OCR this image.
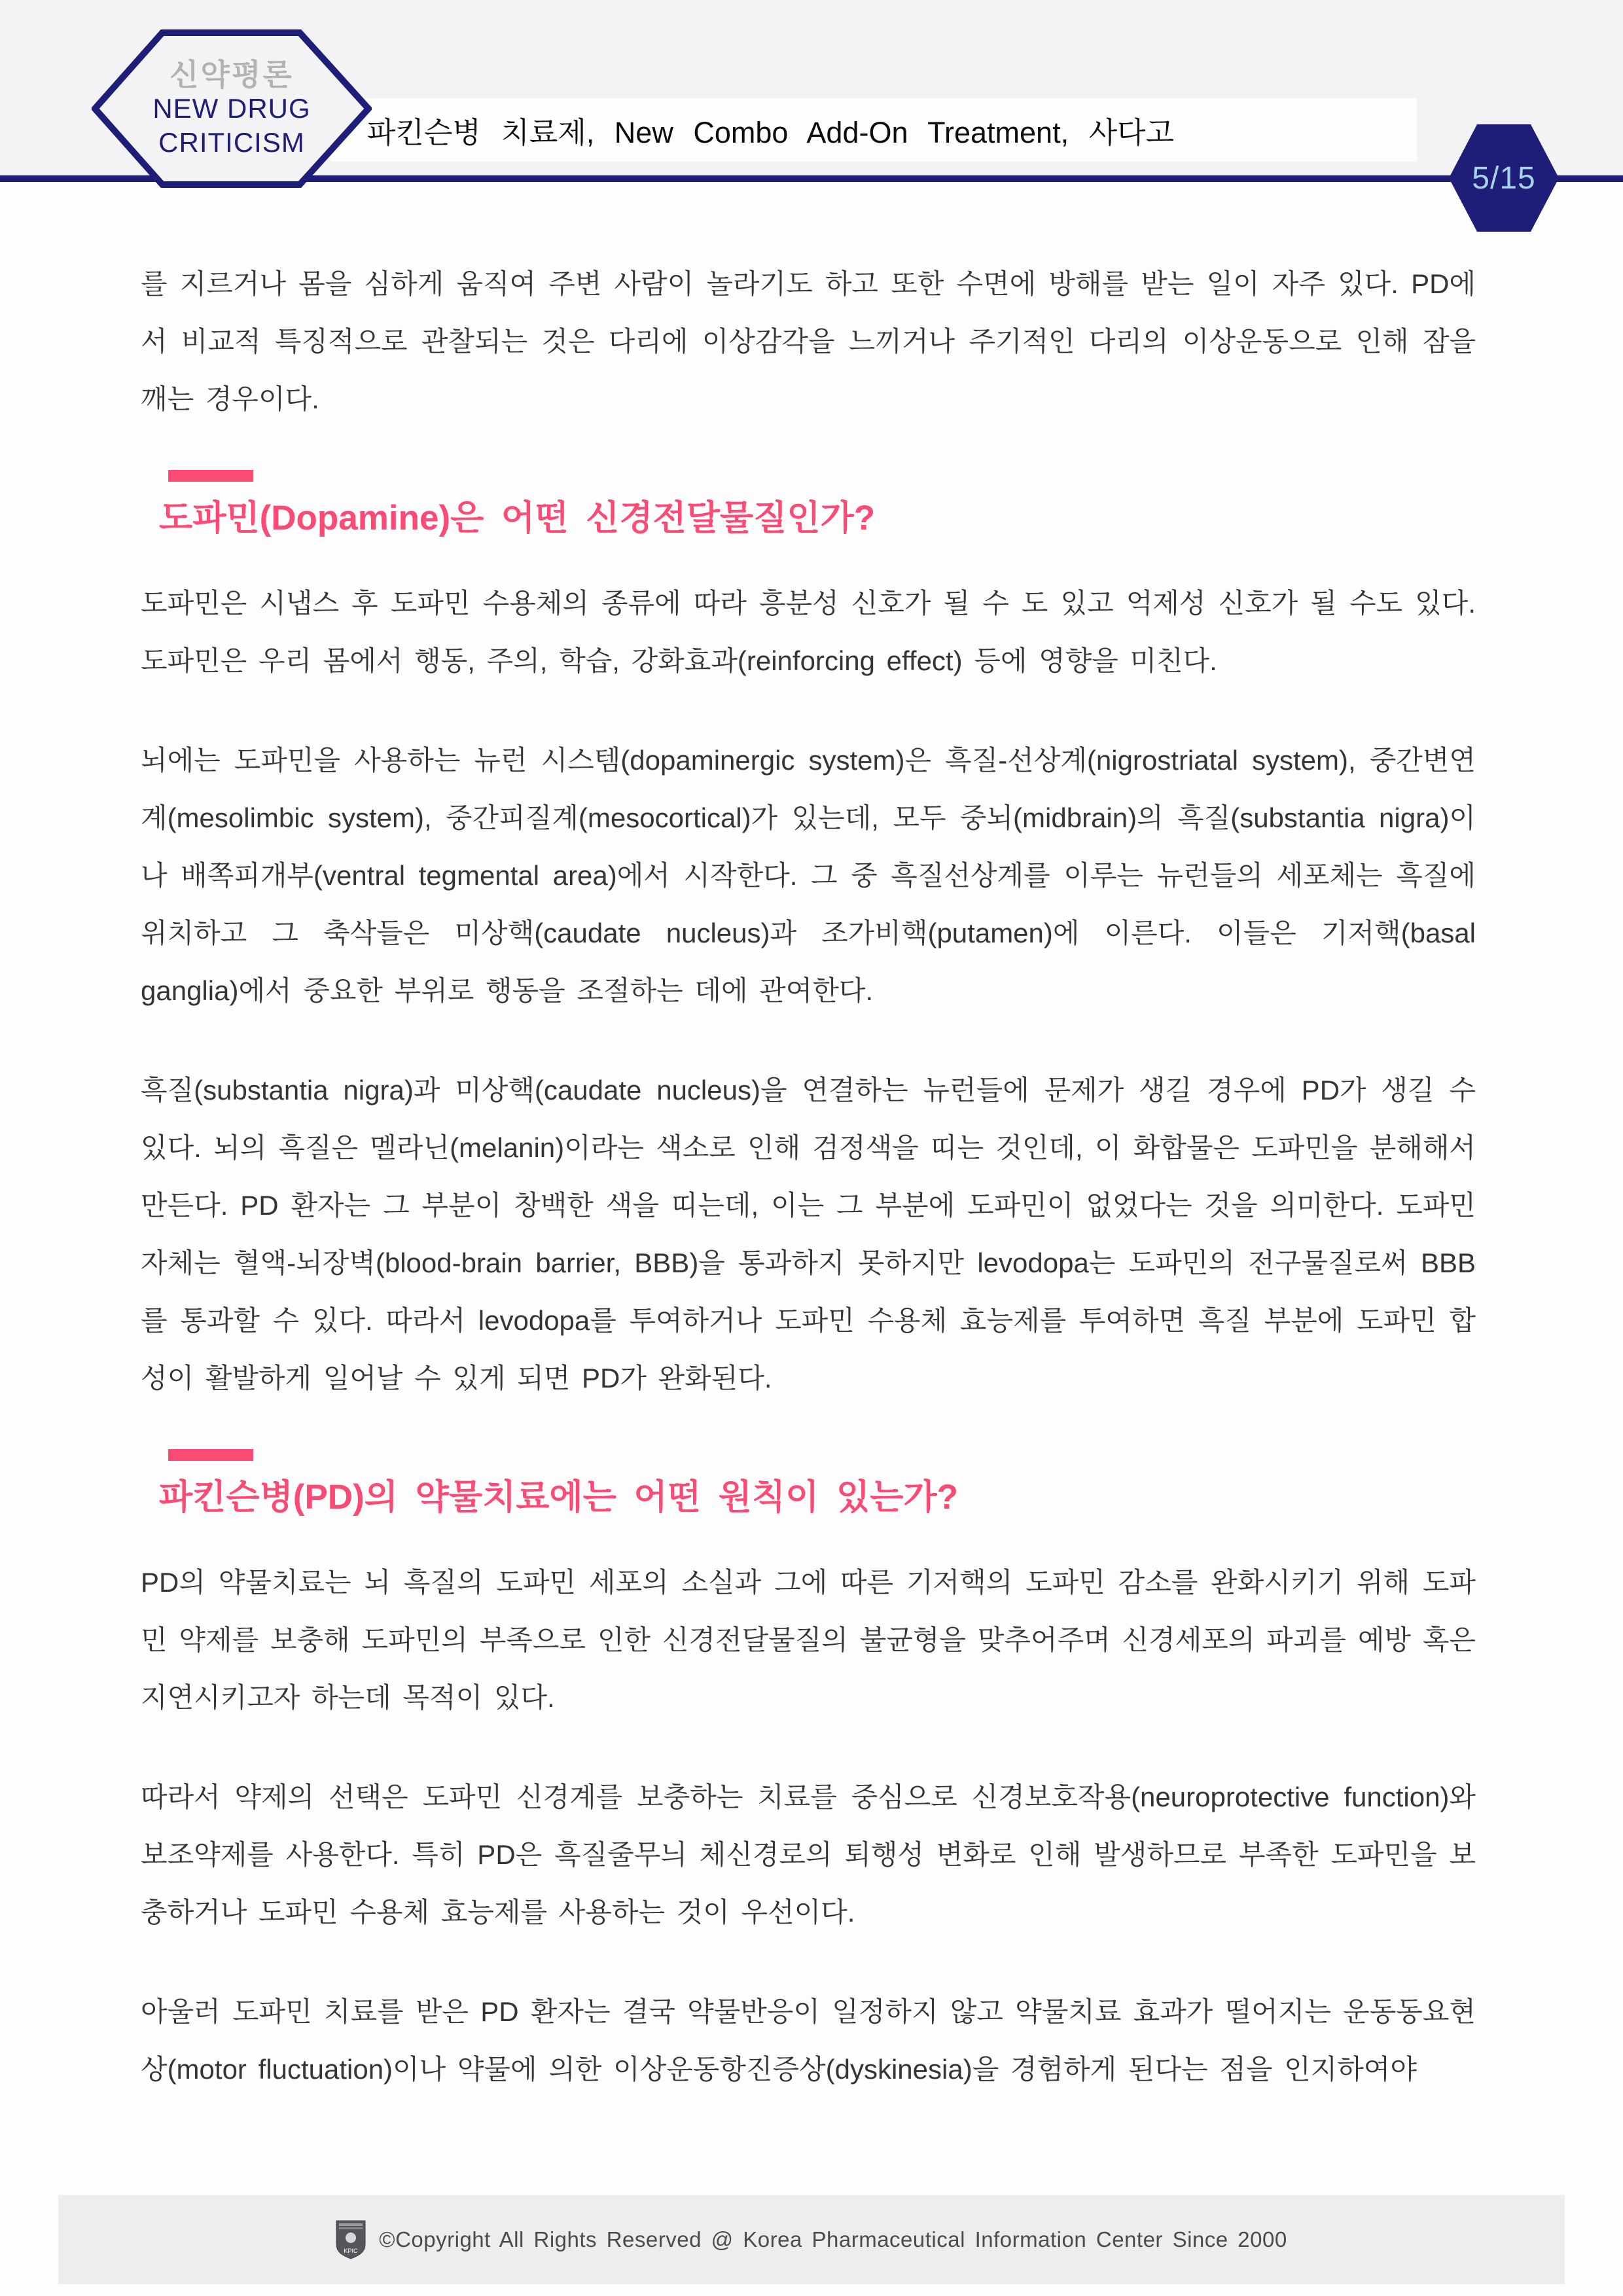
파킨슨병 치료제, New Combo Add-On Treatment, 사다고
신약평론
NEW DRUG
CRITICISM
5/15

를 지르거나 몸을 심하게 움직여 주변 사람이 놀라기도 하고 또한 수면에 방해를 받는 일이 자주 있다. PD에서 비교적 특징적으로 관찰되는 것은 다리에 이상감각을 느끼거나 주기적인 다리의 이상운동으로 인해 잠을 깨는 경우이다.

도파민(Dopamine)은 어떤 신경전달물질인가?

도파민은 시냅스 후 도파민 수용체의 종류에 따라 흥분성 신호가 될 수 도 있고 억제성 신호가 될 수도 있다. 도파민은 우리 몸에서 행동, 주의, 학습, 강화효과(reinforcing effect) 등에 영향을 미친다.

뇌에는 도파민을 사용하는 뉴런 시스템(dopaminergic system)은 흑질-선상계(nigrostriatal system), 중간변연계(mesolimbic system), 중간피질계(mesocortical)가 있는데, 모두 중뇌(midbrain)의 흑질(substantia nigra)이나 배쪽피개부(ventral tegmental area)에서 시작한다. 그 중 흑질선상계를 이루는 뉴런들의 세포체는 흑질에 위치하고 그 축삭들은 미상핵(caudate nucleus)과 조가비핵(putamen)에 이른다. 이들은 기저핵(basal ganglia)에서 중요한 부위로 행동을 조절하는 데에 관여한다.

흑질(substantia nigra)과 미상핵(caudate nucleus)을 연결하는 뉴런들에 문제가 생길 경우에 PD가 생길 수 있다. 뇌의 흑질은 멜라닌(melanin)이라는 색소로 인해 검정색을 띠는 것인데, 이 화합물은 도파민을 분해해서 만든다. PD 환자는 그 부분이 창백한 색을 띠는데, 이는 그 부분에 도파민이 없었다는 것을 의미한다. 도파민 자체는 혈액-뇌장벽(blood-brain barrier, BBB)을 통과하지 못하지만 levodopa는 도파민의 전구물질로써 BBB를 통과할 수 있다. 따라서 levodopa를 투여하거나 도파민 수용체 효능제를 투여하면 흑질 부분에 도파민 합성이 활발하게 일어날 수 있게 되면 PD가 완화된다.

파킨슨병(PD)의 약물치료에는 어떤 원칙이 있는가?

PD의 약물치료는 뇌 흑질의 도파민 세포의 소실과 그에 따른 기저핵의 도파민 감소를 완화시키기 위해 도파민 약제를 보충해 도파민의 부족으로 인한 신경전달물질의 불균형을 맞추어주며 신경세포의 파괴를 예방 혹은 지연시키고자 하는데 목적이 있다.

따라서 약제의 선택은 도파민 신경계를 보충하는 치료를 중심으로 신경보호작용(neuroprotective function)와 보조약제를 사용한다. 특히 PD은 흑질줄무늬 체신경로의 퇴행성 변화로 인해 발생하므로 부족한 도파민을 보충하거나 도파민 수용체 효능제를 사용하는 것이 우선이다.

아울러 도파민 치료를 받은 PD 환자는 결국 약물반응이 일정하지 않고 약물치료 효과가 떨어지는 운동동요현상(motor fluctuation)이나 약물에 의한 이상운동항진증상(dyskinesia)을 경험하게 된다는 점을 인지하여야

KPIC ©Copyright All Rights Reserved @ Korea Pharmaceutical Information Center Since 2000
